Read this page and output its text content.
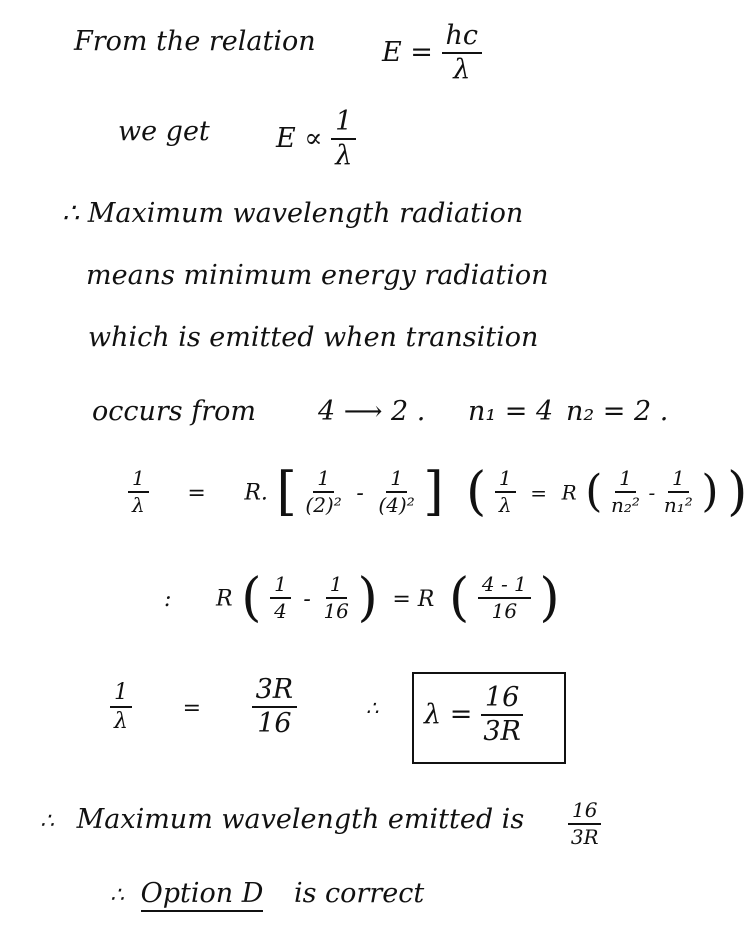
From the relation $E = \frac{hc}{\lambda}$
we get $E \propto \frac{1}{\lambda}$
∴ Maximum wavelength radiation
means minimum energy radiation
which is emitted when transition
occurs from 4 ⟶ 2 . n₁ = 4 n₂ = 2 .
$\frac{1}{\lambda} = R$. [ $\frac{1}{\text{(2)²}} - \frac{1}{\text{(4)²}}$ ] ( $\frac{1}{\lambda} = R$ ( $\frac{1}{\text{n₂²}} - \frac{1}{\text{n₁²}}$ ) )
: R ( $\frac{1}{4} - \frac{1}{16}$ ) = R ( $\frac{4 - 1}{16}$ )
$\frac{1}{\lambda} = \frac{3R}{16}$	∴ $\lambda = \frac{16}{3R}$
∴ Maximum wavelength emitted is $\frac{16}{3R}$
∴ Option D is correct
